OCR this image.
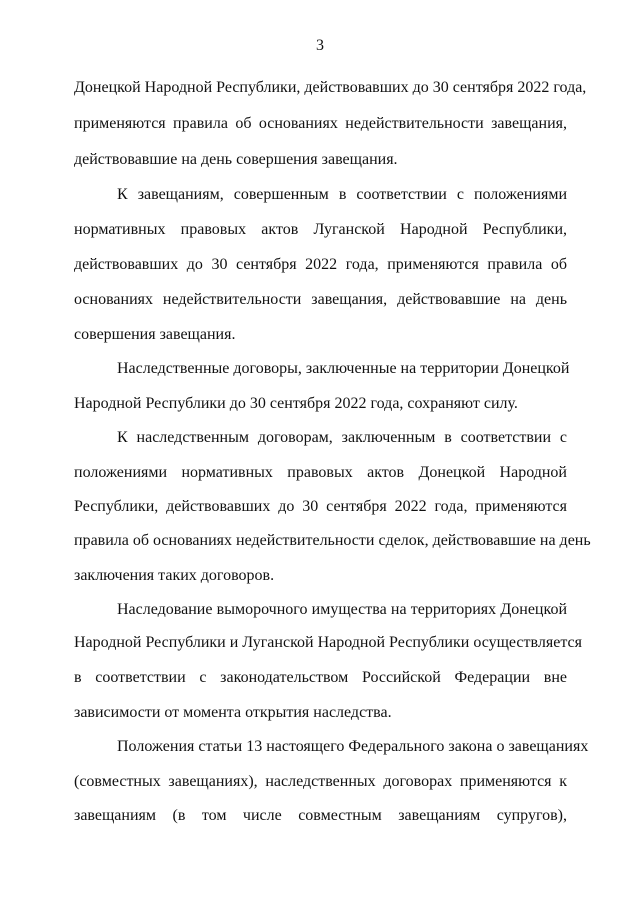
3
Донецкой Народной Республики, действовавших до 30 сентября 2022 года,
применяются правила об основаниях недействительности завещания,
действовавшие на день совершения завещания.
К завещаниям, совершенным в соответствии с положениями
нормативных правовых актов Луганской Народной Республики,
действовавших до 30 сентября 2022 года, применяются правила об
основаниях недействительности завещания, действовавшие на день
совершения завещания.
Наследственные договоры, заключенные на территории Донецкой
Народной Республики до 30 сентября 2022 года, сохраняют силу.
К наследственным договорам, заключенным в соответствии с
положениями нормативных правовых актов Донецкой Народной
Республики, действовавших до 30 сентября 2022 года, применяются
правила об основаниях недействительности сделок, действовавшие на день
заключения таких договоров.
Наследование выморочного имущества на территориях Донецкой
Народной Республики и Луганской Народной Республики осуществляется
в соответствии с законодательством Российской Федерации вне
зависимости от момента открытия наследства.
Положения статьи 13 настоящего Федерального закона о завещаниях
(совместных завещаниях), наследственных договорах применяются к
завещаниям (в том числе совместным завещаниям супругов),
